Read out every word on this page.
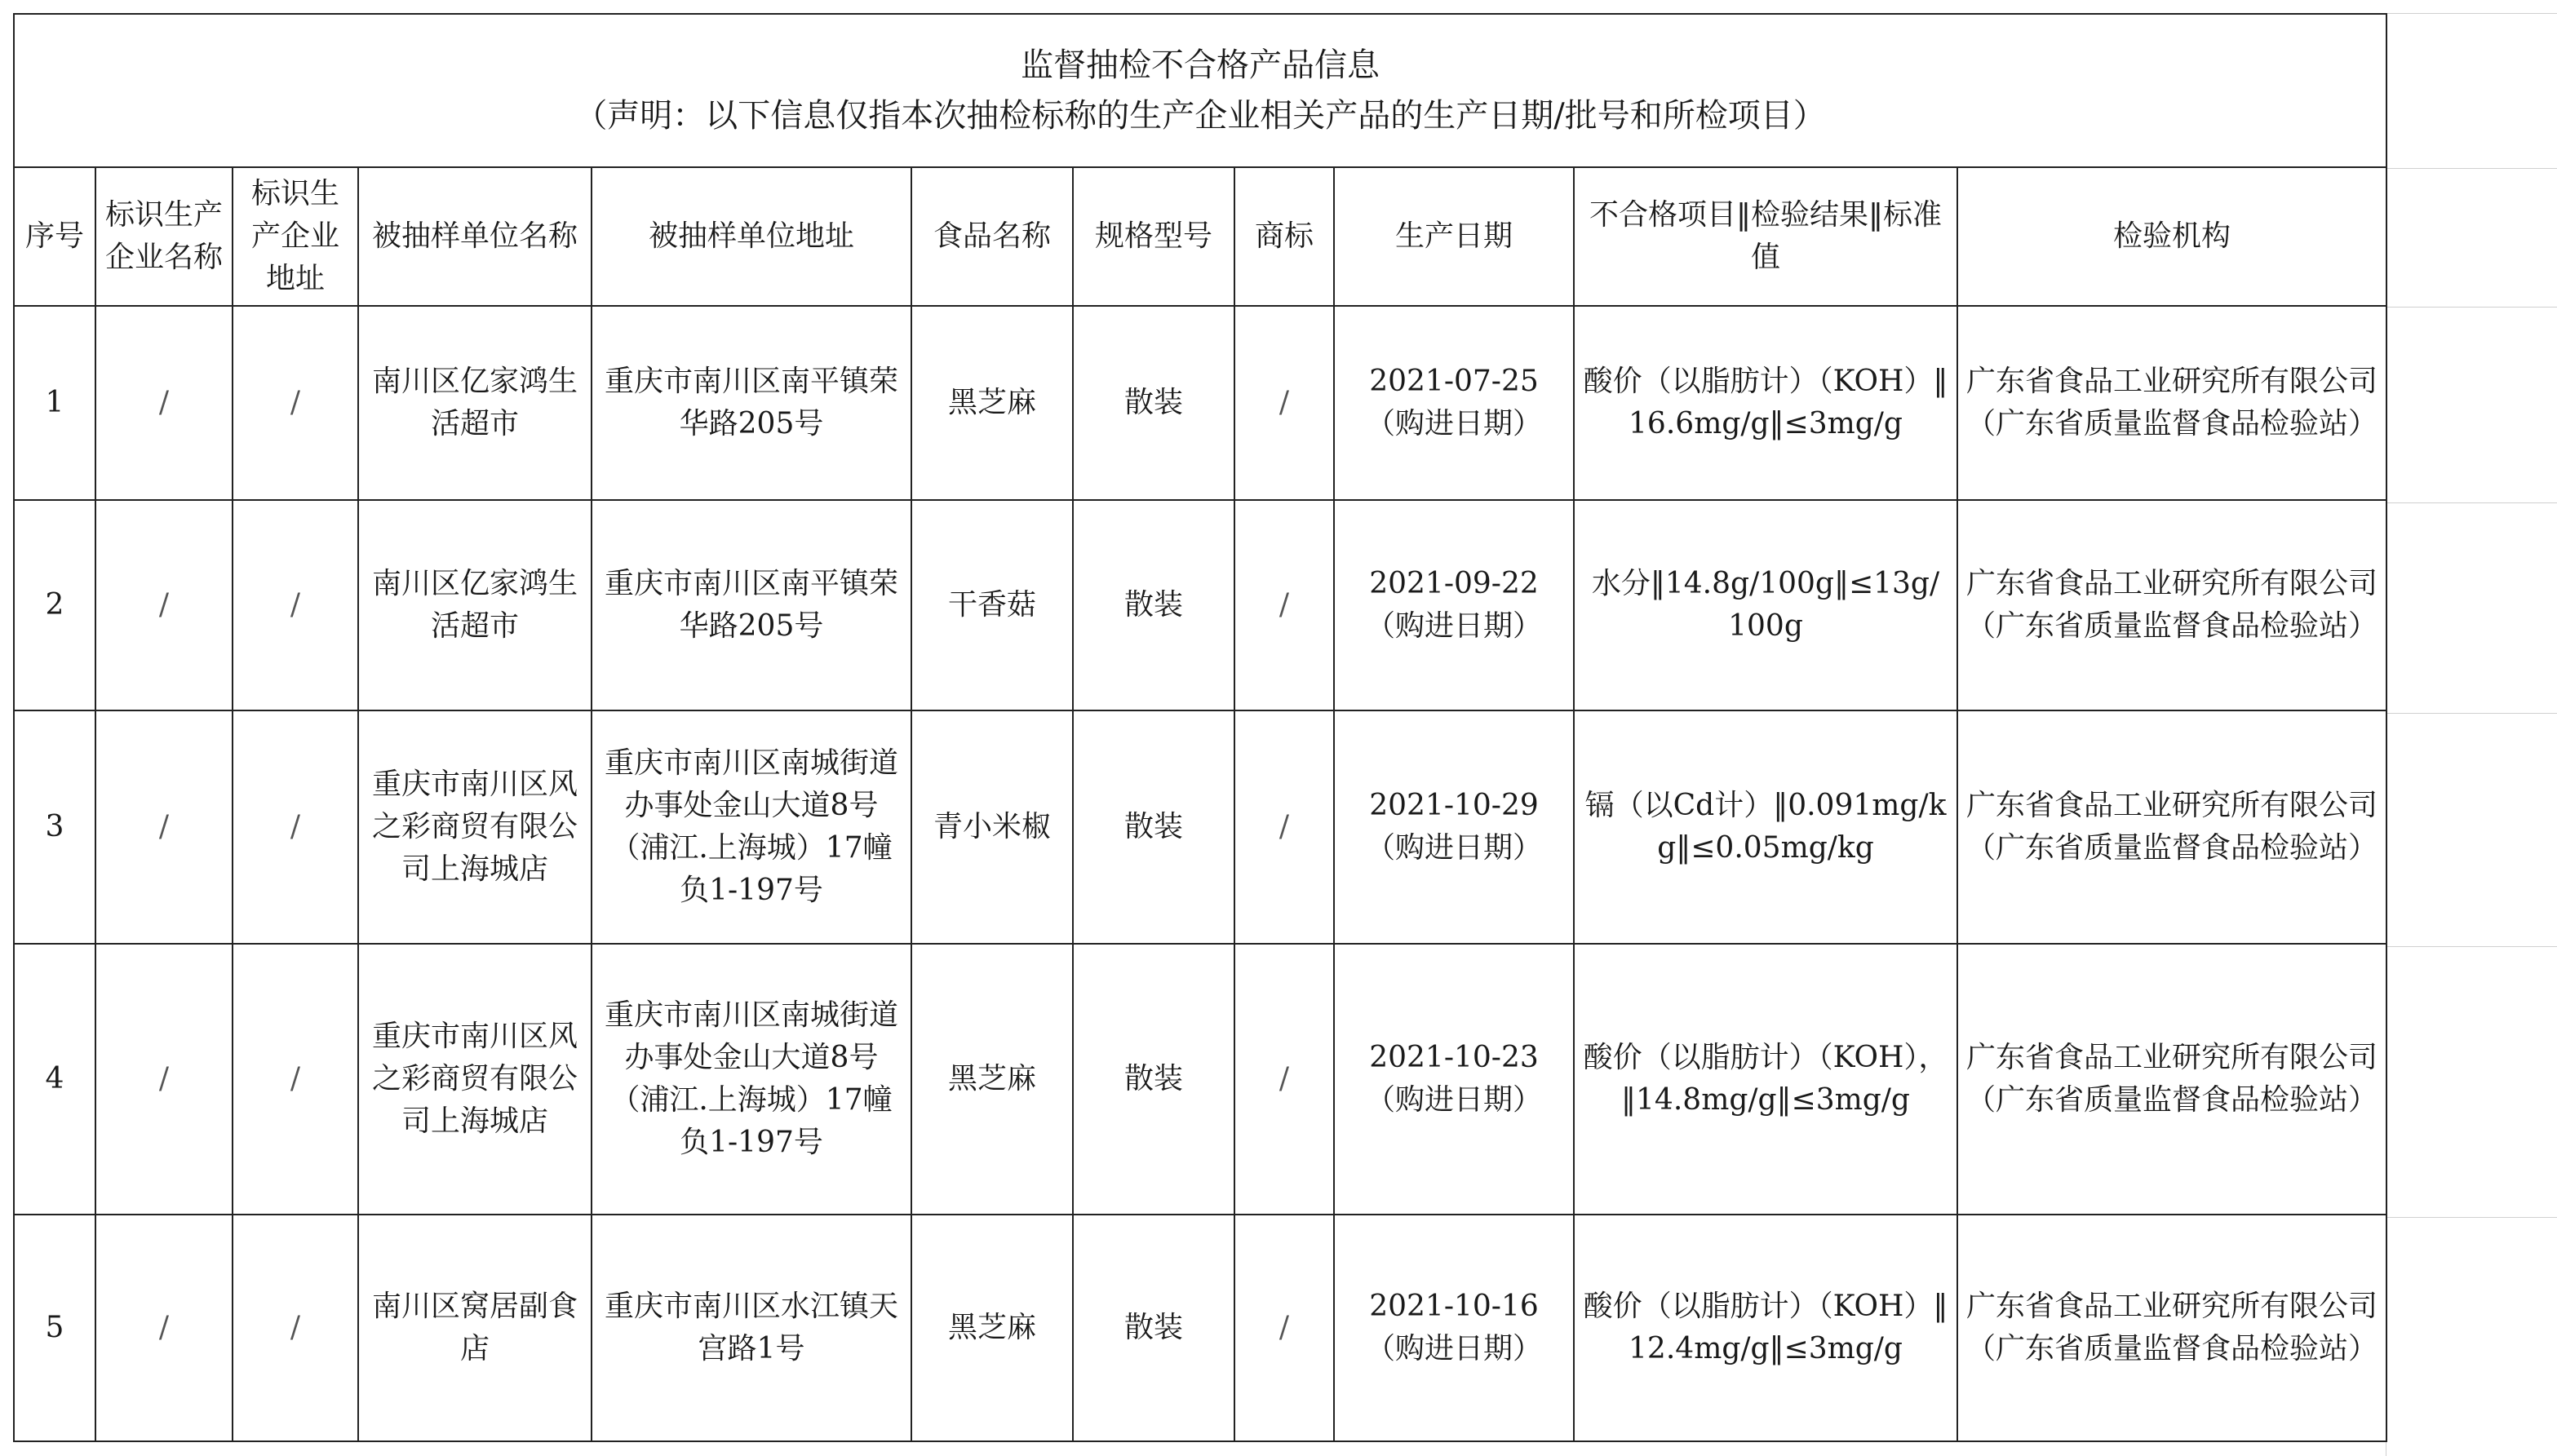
监督抽检不合格产品信息
（声明：以下信息仅指本次抽检标称的生产企业相关产品的生产日期/批号和所检项目）										

序号	标识生产企业名称	标识生产企业地址	被抽样单位名称	被抽样单位地址	食品名称	规格型号	商标	生产日期	不合格项目‖检验结果‖标准值	检验机构
1	/	/	南川区亿家鸿生活超市	重庆市南川区南平镇荣华路205号	黑芝麻	散装	/	2021-07-25
（购进日期）	酸价（以脂肪计）（KOH）‖16.6mg/g‖≤3mg/g	广东省食品工业研究所有限公司（广东省质量监督食品检验站）
2	/	/	南川区亿家鸿生活超市	重庆市南川区南平镇荣华路205号	干香菇	散装	/	2021-09-22
（购进日期）	水分‖14.8g/100g‖≤13g/100g	广东省食品工业研究所有限公司（广东省质量监督食品检验站）
3	/	/	重庆市南川区风之彩商贸有限公司上海城店	重庆市南川区南城街道办事处金山大道8号（浦江.上海城）17幢负1-197号	青小米椒	散装	/	2021-10-29
（购进日期）	镉（以Cd计）‖0.091mg/kg‖≤0.05mg/kg	广东省食品工业研究所有限公司（广东省质量监督食品检验站）
4	/	/	重庆市南川区风之彩商贸有限公司上海城店	重庆市南川区南城街道办事处金山大道8号（浦江.上海城）17幢负1-197号	黑芝麻	散装	/	2021-10-23
（购进日期）	酸价（以脂肪计）（KOH），‖14.8mg/g‖≤3mg/g	广东省食品工业研究所有限公司（广东省质量监督食品检验站）
5	/	/	南川区窝居副食店	重庆市南川区水江镇天宫路1号	黑芝麻	散装	/	2021-10-16
（购进日期）	酸价（以脂肪计）（KOH）‖12.4mg/g‖≤3mg/g	广东省食品工业研究所有限公司（广东省质量监督食品检验站）
